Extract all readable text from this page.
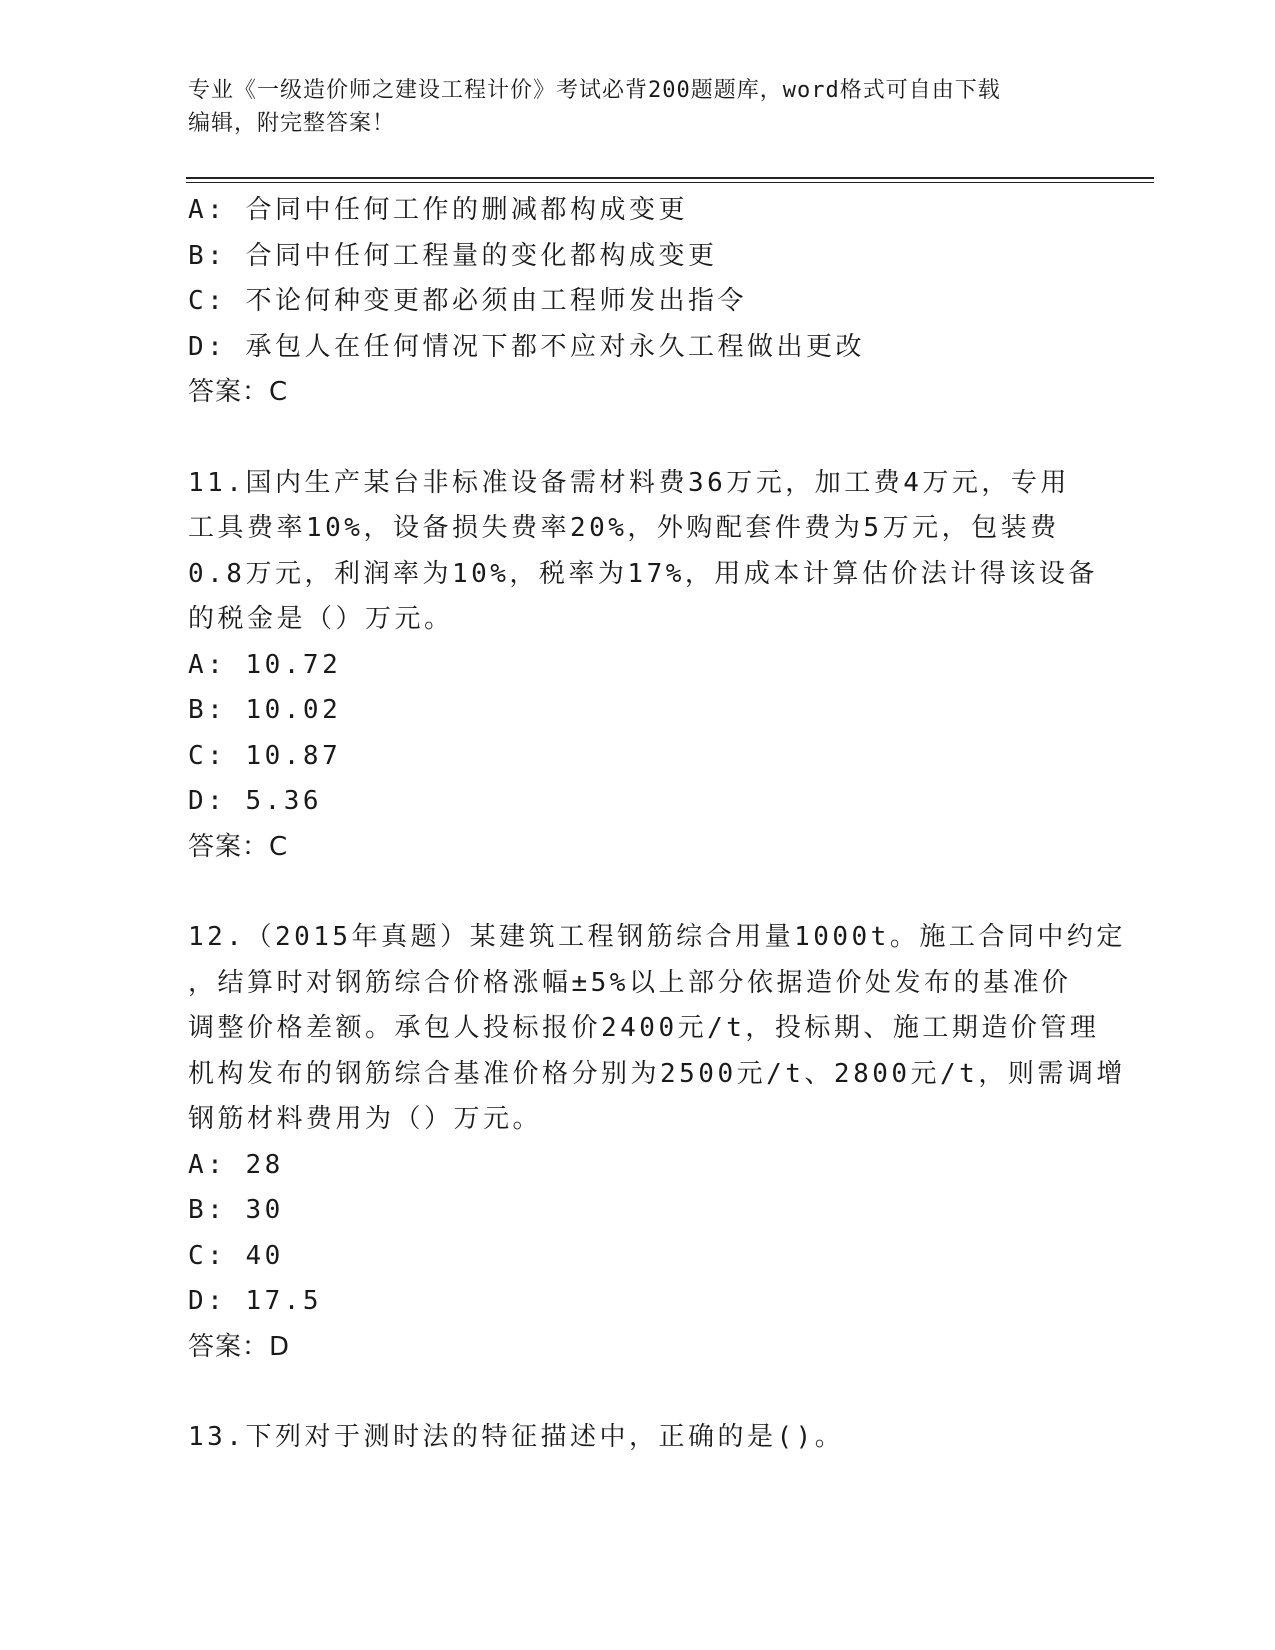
专业《一级造价师之建设工程计价》考试必背200题题库，word格式可自由下载
编辑，附完整答案！
A: 合同中任何工作的删减都构成变更
B: 合同中任何工程量的变化都构成变更
C: 不论何种变更都必须由工程师发出指令
D: 承包人在任何情况下都不应对永久工程做出更改
答案：C
11.国内生产某台非标准设备需材料费36万元，加工费4万元，专用
工具费率10%，设备损失费率20%，外购配套件费为5万元，包装费
0.8万元，利润率为10%，税率为17%，用成本计算估价法计得该设备
的税金是（）万元。
A: 10.72
B: 10.02
C: 10.87
D: 5.36
答案：C
12.（2015年真题）某建筑工程钢筋综合用量1000t。施工合同中约定
，结算时对钢筋综合价格涨幅±5%以上部分依据造价处发布的基准价
调整价格差额。承包人投标报价2400元/t，投标期、施工期造价管理
机构发布的钢筋综合基准价格分别为2500元/t、2800元/t，则需调增
钢筋材料费用为（）万元。
A: 28
B: 30
C: 40
D: 17.5
答案：D
13.下列对于测时法的特征描述中，正确的是()。
